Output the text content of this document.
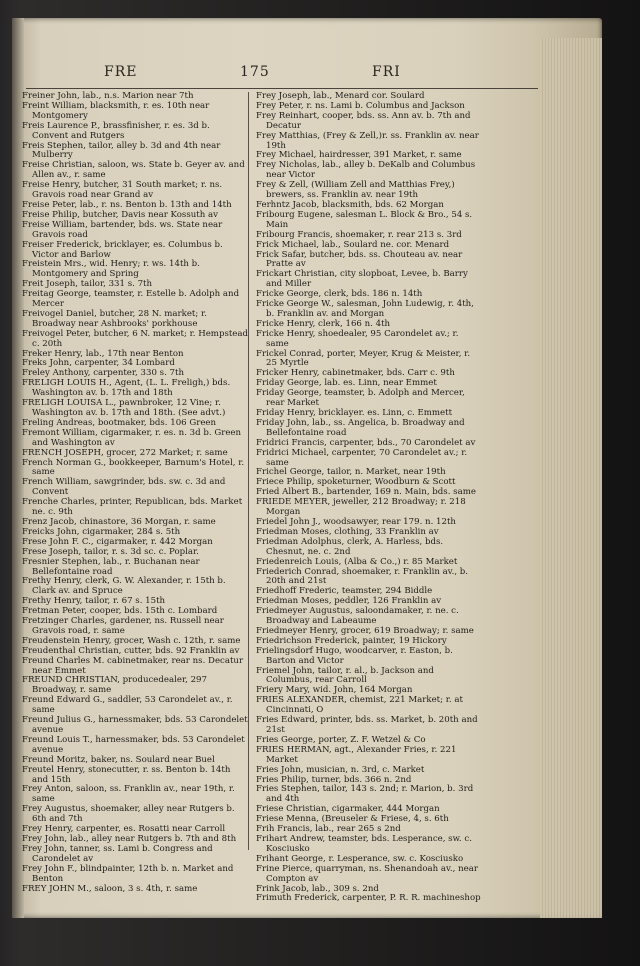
FRE	175	FRI
Freiner John, lab., n.s. Marion near 7th
Freint William, blacksmith, r. es. 10th near Montgomery
Freis Laurence P., brassfinisher, r. es. 3d b. Convent and Rutgers
Freis Stephen, tailor, alley b. 3d and 4th near Mulberry
Freise Christian, saloon, ws. State b. Geyer av. and Allen av., r. same
Freise Henry, butcher, 31 South market; r. ns. Gravois road near Grand av
Freise Peter, lab., r. ns. Benton b. 13th and 14th
Freise Philip, butcher, Davis near Kossuth av
Freise William, bartender, bds. ws. State near Gravois road
Freiser Frederick, bricklayer, es. Columbus b. Victor and Barlow
Freistein Mrs., wid. Henry; r. ws. 14th b. Montgomery and Spring
Freit Joseph, tailor, 331 s. 7th
Freitag George, teamster, r. Estelle b. Adolph and Mercer
Freivogel Daniel, butcher, 28 N. market; r. Broadway near Ashbrooks' porkhouse
Freivogel Peter, butcher, 6 N. market; r. Hempstead c. 20th
Freker Henry, lab., 17th near Benton
Freks John, carpenter, 34 Lombard
Freley Anthony, carpenter, 330 s. 7th
FRELIGH LOUIS H., Agent, (L. L. Freligh,) bds. Washington av. b. 17th and 18th
FRELIGH LOUISA L., pawnbroker, 12 Vine; r. Washington av. b. 17th and 18th. (See advt.)
Freling Andreas, bootmaker, bds. 106 Green
Fremont William, cigarmaker, r. es. n. 3d b. Green and Washington av
FRENCH JOSEPH, grocer, 272 Market; r. same
French Norman G., bookkeeper, Barnum's Hotel, r. same
French William, sawgrinder, bds. sw. c. 3d and Convent
Frenche Charles, printer, Republican, bds. Market ne. c. 9th
Frenz Jacob, chinastore, 36 Morgan, r. same
Freicks John, cigarmaker, 284 s. 5th
Frese John F. C., cigarmaker, r. 442 Morgan
Frese Joseph, tailor, r. s. 3d sc. c. Poplar.
Fresnier Stephen, lab., r. Buchanan near Bellefontaine road
Frethy Henry, clerk, G. W. Alexander, r. 15th b. Clark av. and Spruce
Frethy Henry, tailor, r. 67 s. 15th
Fretman Peter, cooper, bds. 15th c. Lombard
Fretzinger Charles, gardener, ns. Russell near Gravois road, r. same
Freudenstein Henry, grocer, Wash c. 12th, r. same
Freudenthal Christian, cutter, bds. 92 Franklin av
Freund Charles M. cabinetmaker, rear ns. Decatur near Emmet
FREUND CHRISTIAN, producedealer, 297 Broadway, r. same
Freund Edward G., saddler, 53 Carondelet av., r. same
Freund Julius G., harnessmaker, bds. 53 Carondelet avenue
Freund Louis T., harnessmaker, bds. 53 Carondelet avenue
Freund Moritz, baker, ns. Soulard near Buel
Freutel Henry, stonecutter, r. ss. Benton b. 14th and 15th
Frey Anton, saloon, ss. Franklin av., near 19th, r. same
Frey Augustus, shoemaker, alley near Rutgers b. 6th and 7th
Frey Henry, carpenter, es. Rosatti near Carroll
Frey John, lab., alley near Rutgers b. 7th and 8th
Frey John, tanner, ss. Lami b. Congress and Carondelet av
Frey John F., blindpainter, 12th b. n. Market and Benton
FREY JOHN M., saloon, 3 s. 4th, r. same
Frey Joseph, lab., Menard cor. Soulard
Frey Peter, r. ns. Lami b. Columbus and Jackson
Frey Reinhart, cooper, bds. ss. Ann av. b. 7th and Decatur
Frey Matthias, (Frey & Zell,)r. ss. Franklin av. near 19th
Frey Michael, hairdresser, 391 Market, r. same
Frey Nicholas, lab., alley b. DeKalb and Columbus near Victor
Frey & Zell, (William Zell and Matthias Frey,) brewers, ss. Franklin av. near 19th
Ferhntz Jacob, blacksmith, bds. 62 Morgan
Fribourg Eugene, salesman L. Block & Bro., 54 s. Main
Fribourg Francis, shoemaker, r. rear 213 s. 3rd
Frick Michael, lab., Soulard ne. cor. Menard
Frick Safar, butcher, bds. ss. Chouteau av. near Pratte av
Frickart Christian, city slopboat, Levee, b. Barry and Miller
Fricke George, clerk, bds. 186 n. 14th
Fricke George W., salesman, John Ludewig, r. 4th, b. Franklin av. and Morgan
Fricke Henry, clerk, 166 n. 4th
Fricke Henry, shoedealer, 95 Carondelet av.; r. same
Frickel Conrad, porter, Meyer, Krug & Meister, r. 25 Myrtle
Fricker Henry, cabinetmaker, bds. Carr c. 9th
Friday George, lab. es. Linn, near Emmet
Friday George, teamster, b. Adolph and Mercer, rear Market
Friday Henry, bricklayer. es. Linn, c. Emmett
Friday John, lab., ss. Angelica, b. Broadway and Bellefontaine road
Fridrici Francis, carpenter, bds., 70 Carondelet av
Fridrici Michael, carpenter, 70 Carondelet av.; r. same
Frichel George, tailor, n. Market, near 19th
Friece Philip, spoketurner, Woodburn & Scott
Fried Albert B., bartender, 169 n. Main, bds. same
FRIEDE MEYER, jeweller, 212 Broadway; r. 218 Morgan
Friedel John J., woodsawyer, rear 179. n. 12th
Friedman Moses, clothing, 33 Franklin av
Friedman Adolphus, clerk, A. Harless, bds. Chesnut, ne. c. 2nd
Friedenreich Louis, (Alba & Co.,) r. 85 Market
Friederich Conrad, shoemaker, r. Franklin av., b. 20th and 21st
Friedhoff Frederic, teamster, 294 Biddle
Friedman Moses, peddler, 126 Franklin av
Friedmeyer Augustus, saloondamaker, r. ne. c. Broadway and Labeaume
Friedmeyer Henry, grocer, 619 Broadway; r. same
Friedrichson Frederick, painter, 19 Hickory
Frielingsdorf Hugo, woodcarver, r. Easton, b. Barton and Victor
Friemel John, tailor, r. al., b. Jackson and Columbus, rear Carroll
Friery Mary, wid. John, 164 Morgan
FRIES ALEXANDER, chemist, 221 Market; r. at Cincinnati, O
Fries Edward, printer, bds. ss. Market, b. 20th and 21st
Fries George, porter, Z. F. Wetzel & Co
FRIES HERMAN, agt., Alexander Fries, r. 221 Market
Fries John, musician, n. 3rd, c. Market
Fries Philip, turner, bds. 366 n. 2nd
Fries Stephen, tailor, 143 s. 2nd; r. Marion, b. 3rd and 4th
Friese Christian, cigarmaker, 444 Morgan
Friese Menna, (Breuseler & Friese, 4, s. 6th
Frih Francis, lab., rear 265 s 2nd
Frihart Andrew, teamster, bds. Lesperance, sw. c. Kosciusko
Frihant George, r. Lesperance, sw. c. Kosciusko
Frine Pierce, quarryman, ns. Shenandoah av., near Compton av
Frink Jacob, lab., 309 s. 2nd
Frimuth Frederick, carpenter, P. R. R. machineshop
